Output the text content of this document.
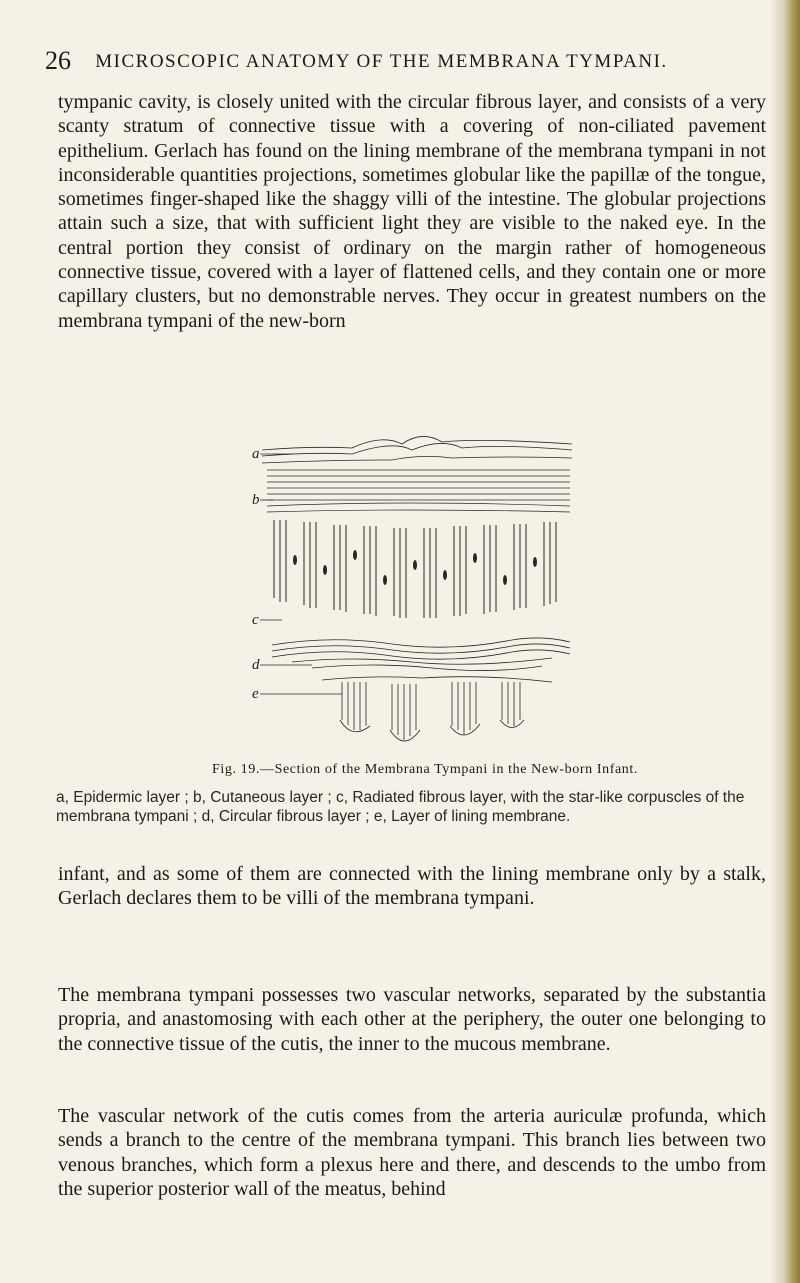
26 MICROSCOPIC ANATOMY OF THE MEMBRANA TYMPANI.

tympanic cavity, is closely united with the circular fibrous layer, and consists of a very scanty stratum of connective tissue with a covering of non-ciliated pavement epithelium. Gerlach has found on the lining membrane of the membrana tympani in not inconsiderable quantities projections, sometimes globular like the papillæ of the tongue, sometimes finger-shaped like the shaggy villi of the intestine. The globular projections attain such a size, that with sufficient light they are visible to the naked eye. In the central portion they consist of ordinary on the margin rather of homogeneous connective tissue, covered with a layer of flattened cells, and they contain one or more capillary clusters, but no demonstrable nerves. They occur in greatest numbers on the membrana tympani of the new-born

a
b
c
d
e
Fig. 19.—Section of the Membrana Tympani in the New-born Infant.

a, Epidermic layer ; b, Cutaneous layer ; c, Radiated fibrous layer, with the star-like corpuscles of the membrana tympani ; d, Circular fibrous layer ; e, Layer of lining membrane.

infant, and as some of them are connected with the lining membrane only by a stalk, Gerlach declares them to be villi of the membrana tympani.

The membrana tympani possesses two vascular networks, separated by the substantia propria, and anastomosing with each other at the periphery, the outer one belonging to the connective tissue of the cutis, the inner to the mucous membrane.

The vascular network of the cutis comes from the arteria auriculæ profunda, which sends a branch to the centre of the membrana tympani. This branch lies between two venous branches, which form a plexus here and there, and descends to the umbo from the superior posterior wall of the meatus, behind
